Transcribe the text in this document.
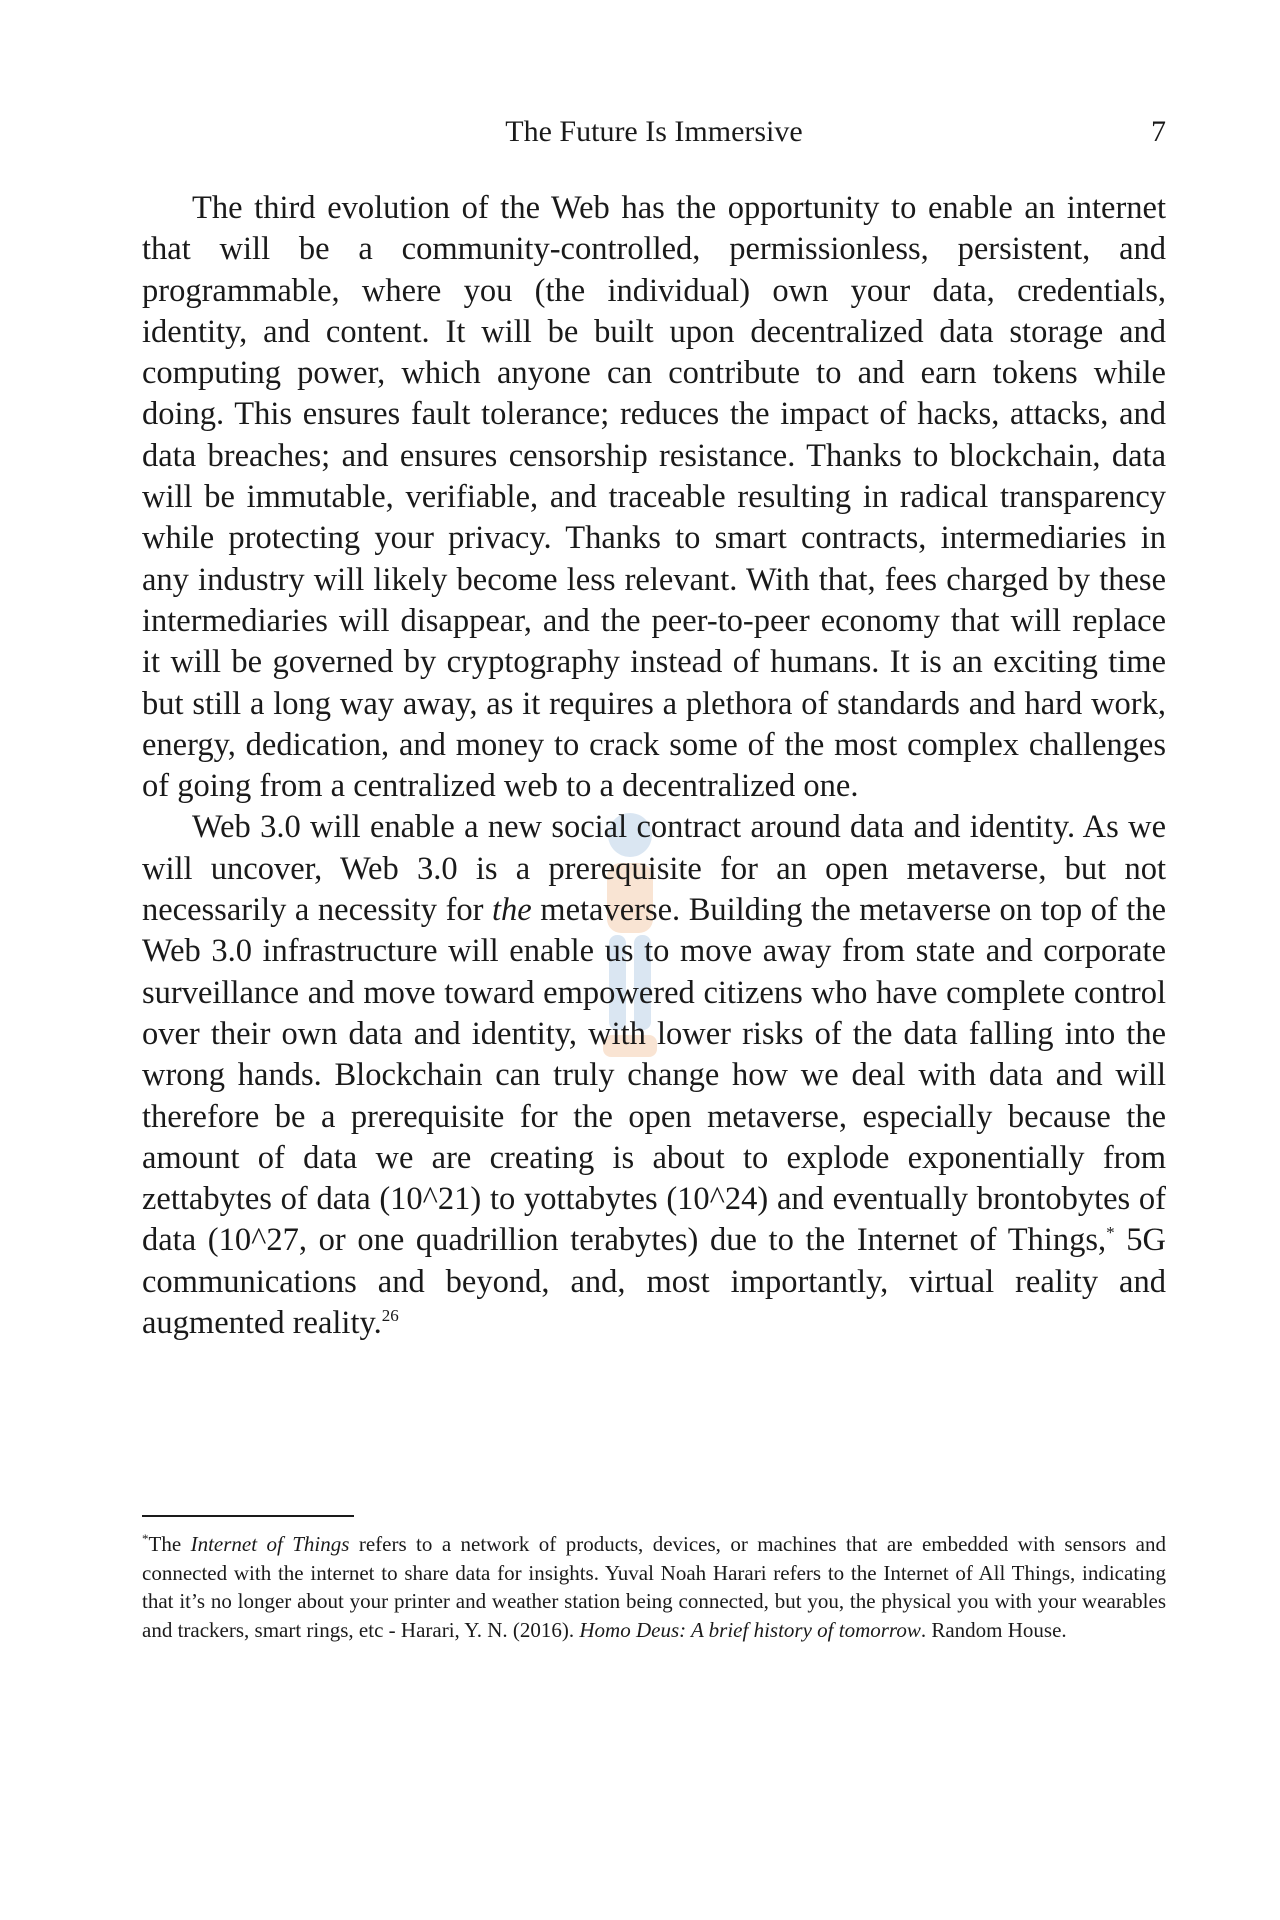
The Future Is Immersive	7

The third evolution of the Web has the opportunity to enable an internet that will be a community-controlled, permissionless, persistent, and programmable, where you (the individual) own your data, credentials, identity, and content. It will be built upon decentralized data storage and computing power, which anyone can contribute to and earn tokens while doing. This ensures fault tolerance; reduces the impact of hacks, attacks, and data breaches; and ensures censorship resistance. Thanks to blockchain, data will be immutable, verifiable, and traceable resulting in radical transparency while protecting your privacy. Thanks to smart contracts, intermediaries in any industry will likely become less relevant. With that, fees charged by these intermediaries will disappear, and the peer-to-peer economy that will replace it will be governed by cryptography instead of humans. It is an exciting time but still a long way away, as it requires a plethora of standards and hard work, energy, dedication, and money to crack some of the most complex challenges of going from a centralized web to a decentralized one.

Web 3.0 will enable a new social contract around data and identity. As we will uncover, Web 3.0 is a prerequisite for an open metaverse, but not necessarily a necessity for the metaverse. Building the metaverse on top of the Web 3.0 infrastructure will enable us to move away from state and corporate surveillance and move toward empowered citizens who have complete control over their own data and identity, with lower risks of the data falling into the wrong hands. Blockchain can truly change how we deal with data and will therefore be a prerequisite for the open metaverse, especially because the amount of data we are creating is about to explode exponentially from zettabytes of data (10^21) to yottabytes (10^24) and eventually brontobytes of data (10^27, or one quadrillion terabytes) due to the Internet of Things,* 5G communications and beyond, and, most importantly, virtual reality and augmented reality.$^{26}$

*The Internet of Things refers to a network of products, devices, or machines that are embedded with sensors and connected with the internet to share data for insights. Yuval Noah Harari refers to the Internet of All Things, indicating that it’s no longer about your printer and weather station being connected, but you, the physical you with your wearables and trackers, smart rings, etc - Harari, Y. N. (2016). Homo Deus: A brief history of tomorrow. Random House.
